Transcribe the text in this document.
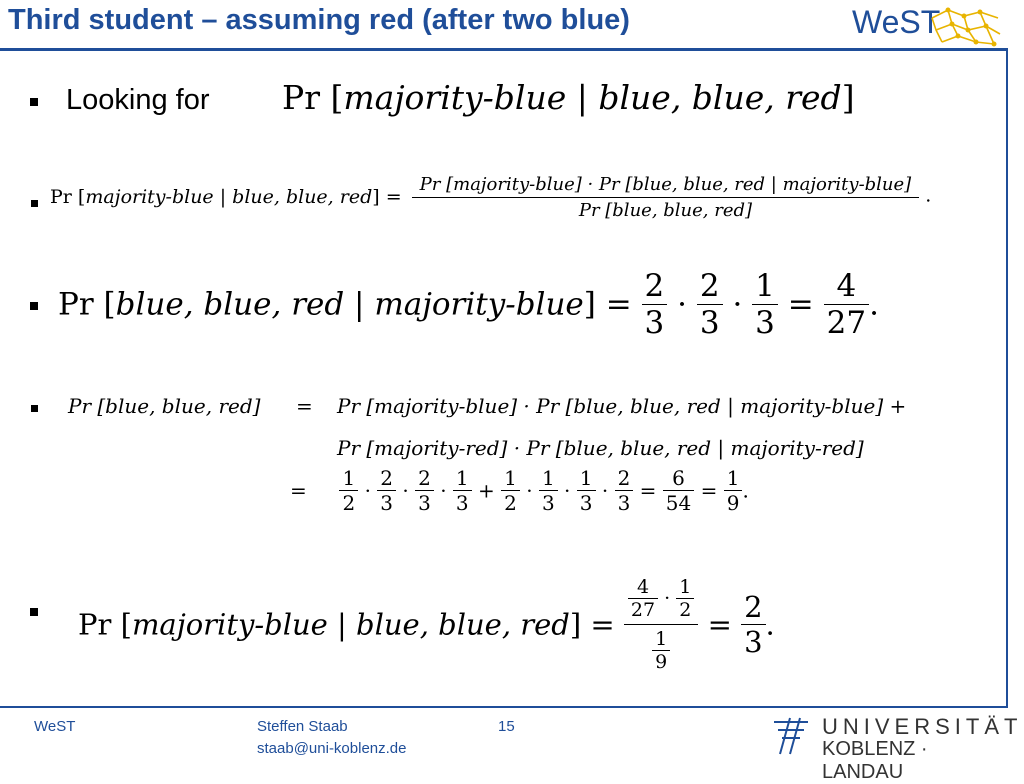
Third student – assuming red (after two blue)	WeST
Looking for Pr [majority-blue | blue, blue, red]
Pr [majority-blue | blue, blue, $red] = \frac{\text{Pr [majority-blue] · Pr [blue, blue, red | majority-blue]}}{\text{Pr [blue, blue, red]}}$ .
Pr [blue, blue, red | majority-blue] = $\frac{2}{3} \cdot \frac{2}{3} \cdot \frac{1}{3} = \frac{4}{27}$ .
Pr [blue, blue, red] = Pr [majority-blue] · Pr [blue, blue, red | majority-blue] +
Pr [majority-red] · Pr [blue, blue, red | majority-red]
= $\frac{1}{2} \cdot \frac{2}{3} \cdot \frac{2}{3} \cdot \frac{1}{3} + \frac{1}{2} \cdot \frac{1}{3} \cdot \frac{1}{3} \cdot \frac{2}{3} = \frac{6}{54} = \frac{1}{9}$ .
Pr [majority-blue | blue, blue, $red] = \frac{\frac{4}{27} \cdot \frac{1}{2}}{\frac{1}{9}} = \frac{2}{3}$ .
WeST	Steffen Staab
staab@uni-koblenz.de
15	UNIVERSITÄT
KOBLENZ · LANDAU
